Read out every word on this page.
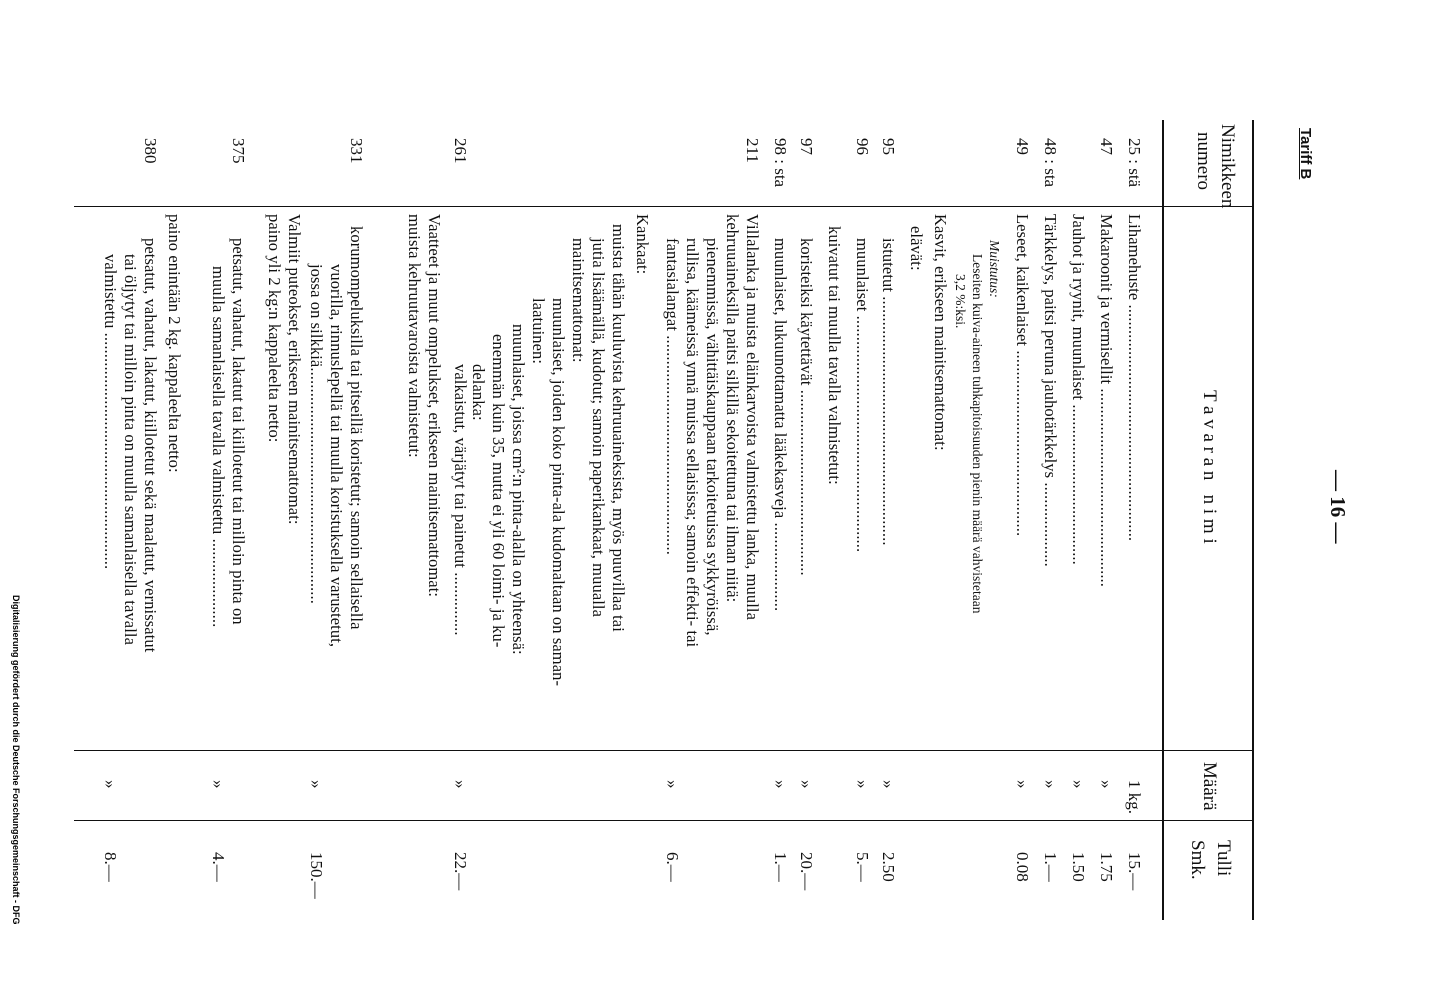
— 16 —
Tariff B
Nimikkeen
numero
T a v a r a n   n i m i
Määrä
Tulli
Smk.
25 : stä
Lihamehuste ........................................................
1 kg.
15.—
47
Makaroonit ja vermisellit ...............................................
»
1.75
Jauhot ja ryynit, muunlaiset ......................................
»
1.50
48 : sta
Tärkkelys, paitsi peruna jauhotärkkelys ....................
»
1.—
49
Leseet, kaikenlaiset ............................................
»
0.08
Muistutus:
Leseiten kuiva-aineen tuhkapitoisuuden pienin määrä vahvistetaan
3,2 %:ksi.
Kasvit, erikseen mainitsemattomat:
elävät:
95
istutetut ...........................................................
»
2.50
96
muunlaiset ........................................................
»
5.—
kuivatut tai muulla tavalla valmistetut:
97
koristeiksi käytettävät ............................................
»
20.—
98 : sta
muunlaiset, lukuunottamatta lääkekasveja .....................
»
1.—
211
Villalanka ja muista eläinkarvoista valmistettu lanka, muulla
kehruuaineksilla paitsi silkillä sekoitettuna tai ilman niitä:
pienemmissä, vähittäiskauppaan tarkoitetuissa sykkyröissä,
rullisa, käämeissä ynnä muissa sellaisissa; samoin effekti- tai
fantasialangat ....................................................
»
6.—
Kankaat:
muista tähän kuuluvista kehruuaineksista, myös puuvillaa tai
jutia lisäämällä, kudotut; samoin paperikankaat, muualla
mainitsemattomat:
muunlaiset, joiden koko pinta-ala kudomaltaan on saman-
laatuinen:
muunlaiset, joissa cm²:n pinta-alalla on yhteensä:
enemmän kuin 35, mutta ei yli 60 loimi- ja ku-
delanka:
261
valkaistut, värjätyt tai painetut ...............
»
22.—
Vaatteet ja muut ompelukset, erikseen mainitsemattomat:
muista kehruutavaroista valmistetut:
331
korumompeluksilla tai pitseillä koristetut; samoin sellaisella
vuorilla, rinnuslepellä tai muulla koristuksella varustetut,
jossa on silkkiä........................................................
»
150.—
Valmiit puteokset, erikseen mainitsemattomat:
paino yli 2 kg:n kappaleelta netto:
375
petsatut, vahatut, lakatut tai kiillotetut tai milloin pinta on
muulla samanlaisella tavalla valmistettu .....................
»
4.—
paino enintään 2 kg. kappaleelta netto:
380
petsatut, vahatut, lakatut, kiillotetut sekä maalatut, vernissatut
tai öljytyt tai milloin pinta on muulla samanlaisella tavalla
valmistettu ........................................................
»
8.—
Digitalisierung gefördert durch die Deutsche Forschungsgemeinschaft - DFG
